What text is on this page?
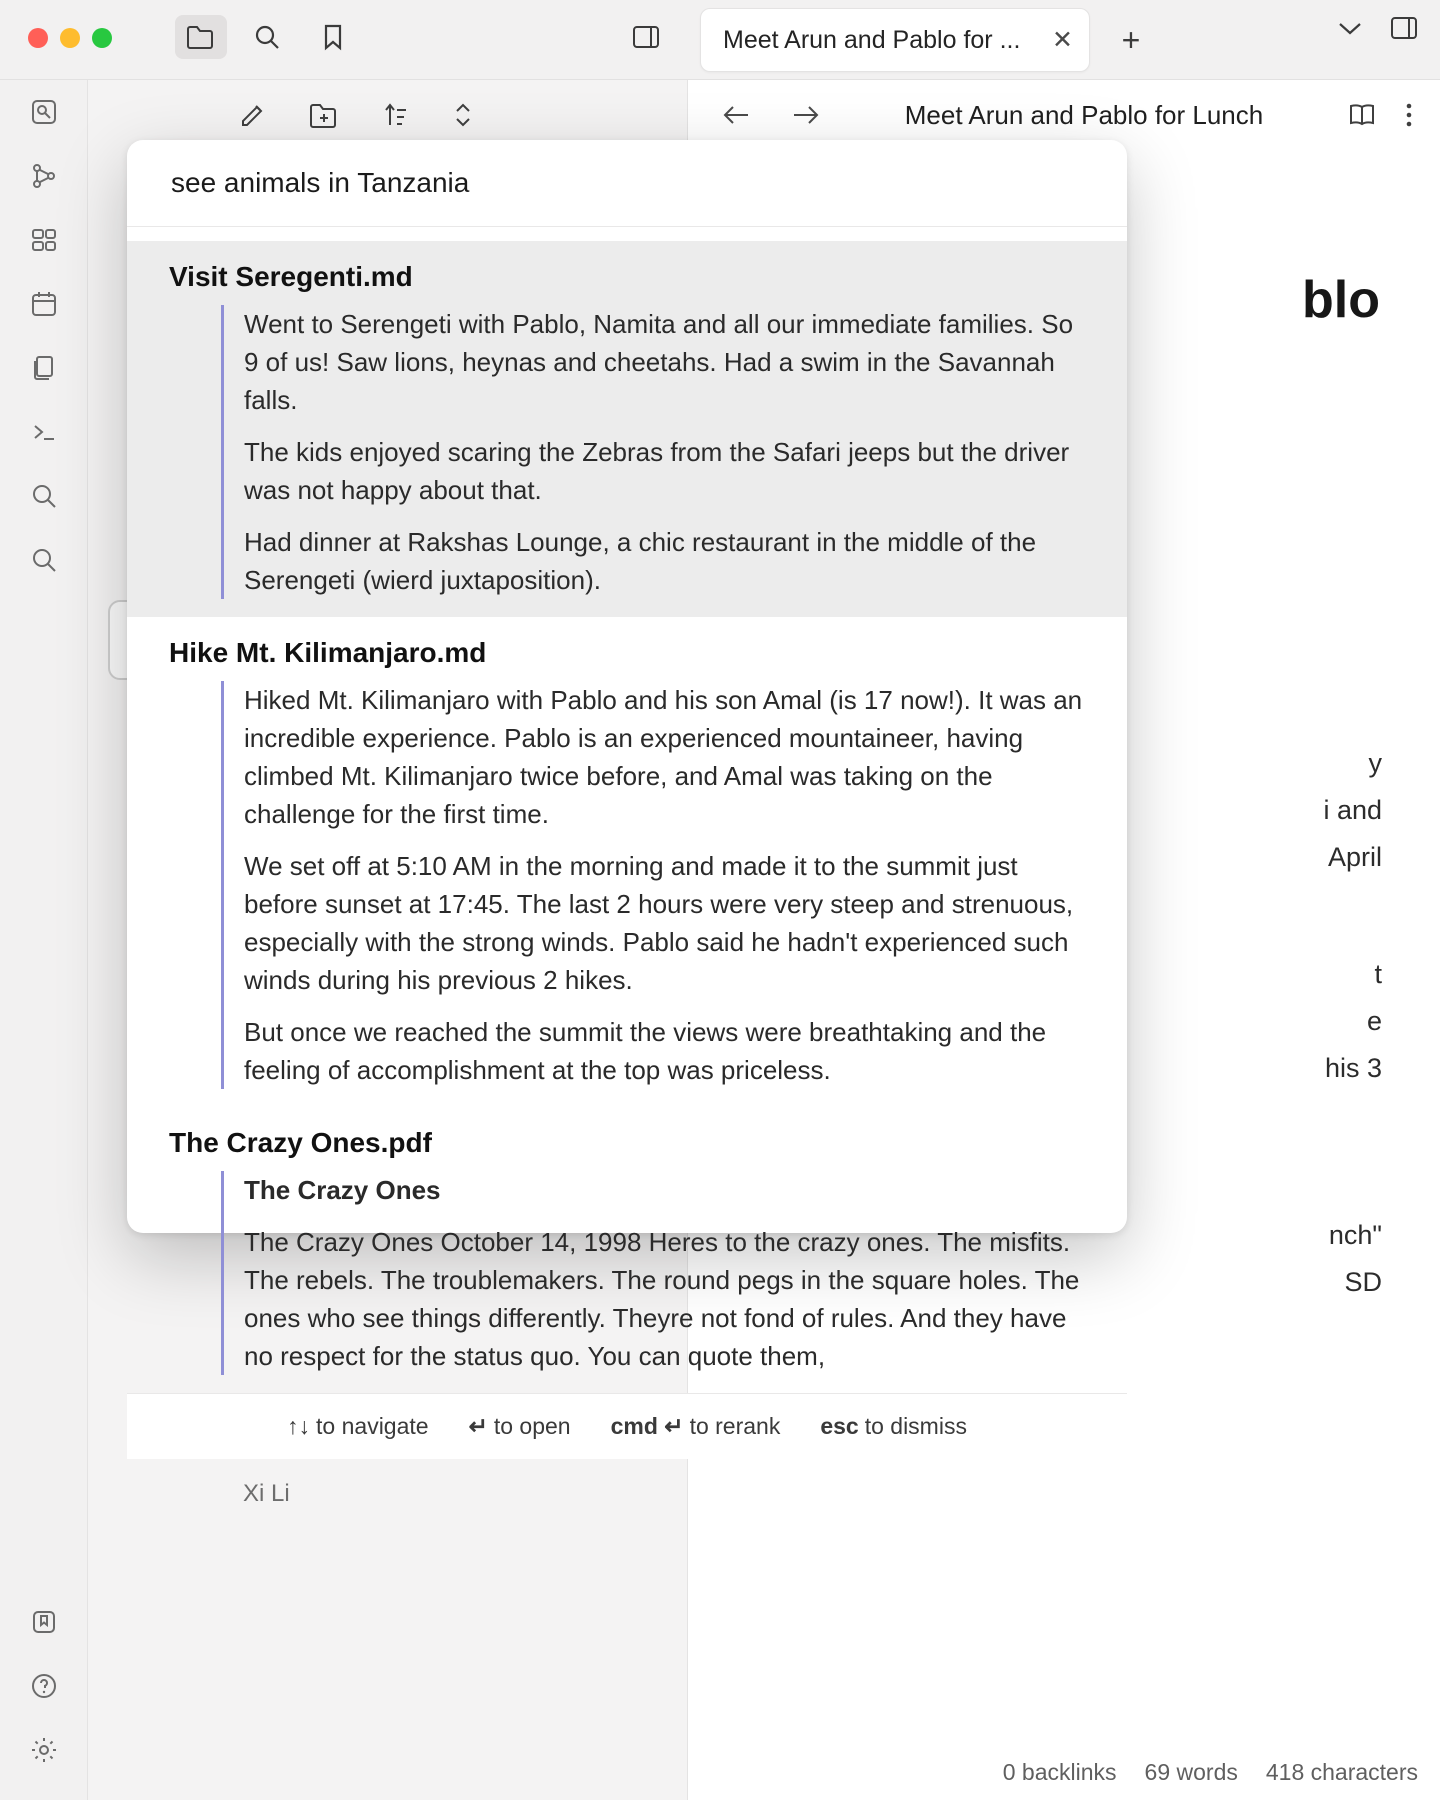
Meet Arun and Pablo for ... ✕	+
Xi Li
Meet Arun and Pablo for Lunch
blo
y
i and
April
t
e
his 3
nch"
SD
0 backlinks 69 words 418 characters
see animals in Tanzania
Visit Seregenti.md

Went to Serengeti with Pablo, Namita and all our immediate families. So 9 of us! Saw lions, heynas and cheetahs. Had a swim in the Savannah falls.

The kids enjoyed scaring the Zebras from the Safari jeeps but the driver was not happy about that.

Had dinner at Rakshas Lounge, a chic restaurant in the middle of the Serengeti (wierd juxtaposition).

Hike Mt. Kilimanjaro.md

Hiked Mt. Kilimanjaro with Pablo and his son Amal (is 17 now!). It was an incredible experience. Pablo is an experienced mountaineer, having climbed Mt. Kilimanjaro twice before, and Amal was taking on the challenge for the first time.

We set off at 5:10 AM in the morning and made it to the summit just before sunset at 17:45. The last 2 hours were very steep and strenuous, especially with the strong winds. Pablo said he hadn't experienced such winds during his previous 2 hikes.

But once we reached the summit the views were breathtaking and the feeling of accomplishment at the top was priceless.

The Crazy Ones.pdf

The Crazy Ones

The Crazy Ones October 14, 1998 Heres to the crazy ones. The misfits. The rebels. The troublemakers. The round pegs in the square holes. The ones who see things differently. Theyre not fond of rules. And they have no respect for the status quo. You can quote them,

↑↓ to navigate ↵ to open cmd ↵ to rerank esc to dismiss
